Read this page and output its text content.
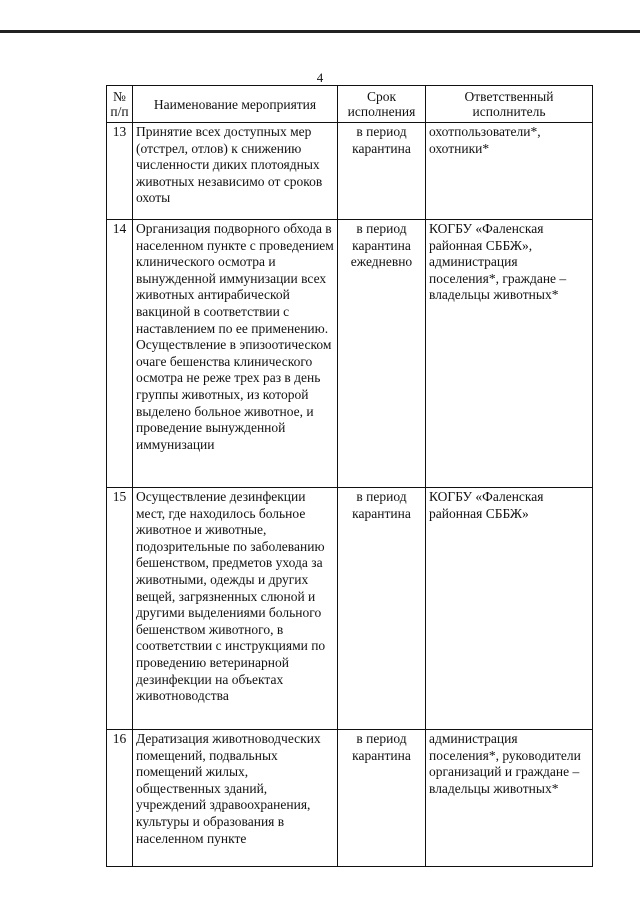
4
№ п/п	Наименование мероприятия	Срок исполнения	Ответственный исполнитель
13	Принятие всех доступных мер (отстрел, отлов) к снижению численности диких плотоядных животных независимо от сроков охоты	в период карантина	охотпользователи*, охотники*
14	Организация подворного обхода в населенном пункте с проведением клинического осмотра и вынужденной иммунизации всех животных антирабической вакциной в соответствии с наставлением по ее применению. Осуществление в эпизоотическом очаге бешенства клинического осмотра не реже трех раз в день группы животных, из которой выделено больное животное, и проведение вынужденной иммунизации	в период карантина ежедневно	КОГБУ «Фаленская районная СББЖ», администрация поселения*, граждане – владельцы животных*
15	Осуществление дезинфекции мест, где находилось больное животное и животные, подозрительные по заболеванию бешенством, предметов ухода за животными, одежды и других вещей, загрязненных слюной и другими выделениями больного бешенством животного, в соответствии с инструкциями по проведению ветеринарной дезинфекции на объектах животноводства	в период карантина	КОГБУ «Фаленская районная СББЖ»
16	Дератизация животноводческих помещений, подвальных помещений жилых, общественных зданий, учреждений здравоохранения, культуры и образования в населенном пункте	в период карантина	администрация поселения*, руководители организаций и граждане – владельцы животных*
